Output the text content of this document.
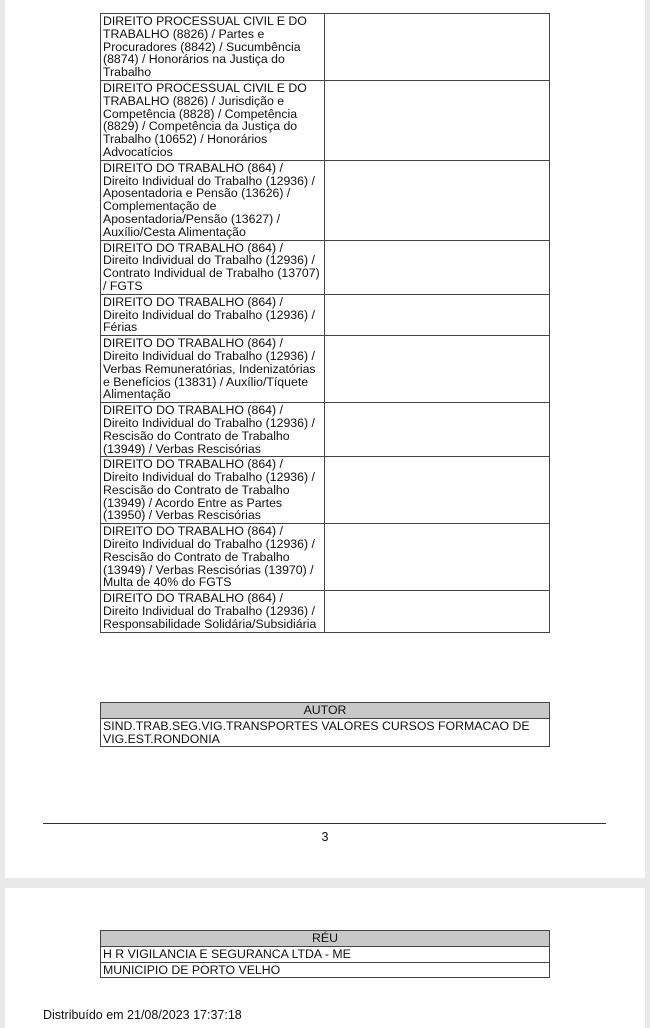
DIREITO PROCESSUAL CIVIL E DO TRABALHO (8826) / Partes e Procuradores (8842) / Sucumbência (8874) / Honorários na Justiça do Trabalho	
DIREITO PROCESSUAL CIVIL E DO TRABALHO (8826) / Jurisdição e Competência (8828) / Competência (8829) / Competência da Justiça do Trabalho (10652) / Honorários Advocatícios	
DIREITO DO TRABALHO (864) / Direito Individual do Trabalho (12936) / Aposentadoria e Pensão (13626) / Complementação de Aposentadoria/Pensão (13627) / Auxílio/Cesta Alimentação	
DIREITO DO TRABALHO (864) / Direito Individual do Trabalho (12936) / Contrato Individual de Trabalho (13707) / FGTS	
DIREITO DO TRABALHO (864) / Direito Individual do Trabalho (12936) / Férias	
DIREITO DO TRABALHO (864) / Direito Individual do Trabalho (12936) / Verbas Remuneratórias, Indenizatórias e Benefícios (13831) / Auxílio/Tíquete Alimentação	
DIREITO DO TRABALHO (864) / Direito Individual do Trabalho (12936) / Rescisão do Contrato de Trabalho (13949) / Verbas Rescisórias	
DIREITO DO TRABALHO (864) / Direito Individual do Trabalho (12936) / Rescisão do Contrato de Trabalho (13949) / Acordo Entre as Partes (13950) / Verbas Rescisórias	
DIREITO DO TRABALHO (864) / Direito Individual do Trabalho (12936) / Rescisão do Contrato de Trabalho (13949) / Verbas Rescisórias (13970) / Multa de 40% do FGTS	
DIREITO DO TRABALHO (864) / Direito Individual do Trabalho (12936) / Responsabilidade Solidária/Subsidiária	
AUTOR
SIND.TRAB.SEG.VIG.TRANSPORTES VALORES CURSOS FORMACAO DE VIG.EST.RONDONIA
3
RÉU
H R VIGILANCIA E SEGURANCA LTDA - ME
MUNICIPIO DE PORTO VELHO
Distribuído em 21/08/2023 17:37:18
